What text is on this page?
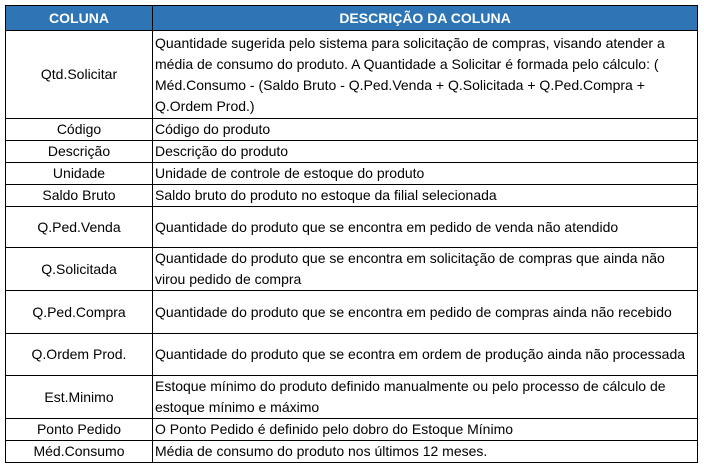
COLUNA	DESCRIÇÃO DA COLUNA
Qtd.Solicitar	Quantidade sugerida pelo sistema para solicitação de compras, visando atender a média de consumo do produto. A Quantidade a Solicitar é formada pelo cálculo: ( Méd.Consumo - (Saldo Bruto - Q.Ped.Venda + Q.Solicitada + Q.Ped.Compra + Q.Ordem Prod.)
Código	Código do produto
Descrição	Descrição do produto
Unidade	Unidade de controle de estoque do produto
Saldo Bruto	Saldo bruto do produto no estoque da filial selecionada
Q.Ped.Venda	Quantidade do produto que se encontra em pedido de venda não atendido
Q.Solicitada	Quantidade do produto que se encontra em solicitação de compras que ainda não virou pedido de compra
Q.Ped.Compra	Quantidade do produto que se encontra em pedido de compras ainda não recebido
Q.Ordem Prod.	Quantidade do produto que se econtra em ordem de produção ainda não processada
Est.Minimo	Estoque mínimo do produto definido manualmente ou pelo processo de cálculo de estoque mínimo e máximo
Ponto Pedido	O Ponto Pedido é definido pelo dobro do Estoque Mínimo
Méd.Consumo	Média de consumo do produto nos últimos 12 meses.
